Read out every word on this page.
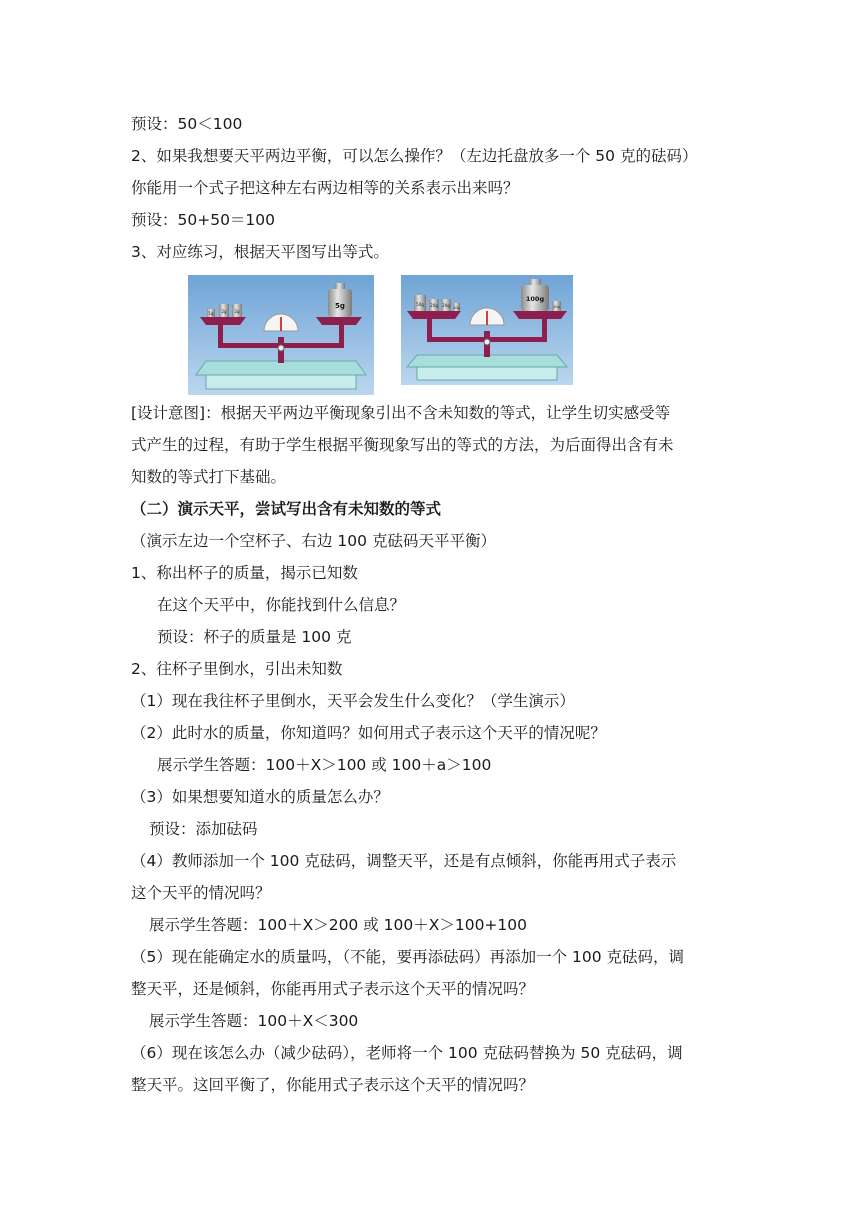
预设：50＜100
2、如果我想要天平两边平衡，可以怎么操作？（左边托盘放多一个 50 克的砝码）
你能用一个式子把这种左右两边相等的关系表示出来吗？
预设：50+50＝100
3、对应练习，根据天平图写出等式。
1g 2g 2g
5g	50g 20g 20g 10g
100g
20g
[设计意图]：根据天平两边平衡现象引出不含未知数的等式，让学生切实感受等
式产生的过程，有助于学生根据平衡现象写出的等式的方法，为后面得出含有未
知数的等式打下基础。
（二）演示天平，尝试写出含有未知数的等式
（演示左边一个空杯子、右边 100 克砝码天平平衡）
1、称出杯子的质量，揭示已知数
在这个天平中，你能找到什么信息？
预设：杯子的质量是 100 克
2、往杯子里倒水，引出未知数
（1）现在我往杯子里倒水，天平会发生什么变化？（学生演示）
（2）此时水的质量，你知道吗？如何用式子表示这个天平的情况呢？
展示学生答题：100＋X＞100 或 100＋a＞100
（3）如果想要知道水的质量怎么办？
预设：添加砝码
（4）教师添加一个 100 克砝码，调整天平，还是有点倾斜，你能再用式子表示
这个天平的情况吗？
展示学生答题：100＋X＞200 或 100＋X＞100+100
（5）现在能确定水的质量吗，（不能，要再添砝码）再添加一个 100 克砝码，调
整天平，还是倾斜，你能再用式子表示这个天平的情况吗？
展示学生答题：100＋X＜300
（6）现在该怎么办（减少砝码），老师将一个 100 克砝码替换为 50 克砝码，调
整天平。这回平衡了，你能用式子表示这个天平的情况吗？
